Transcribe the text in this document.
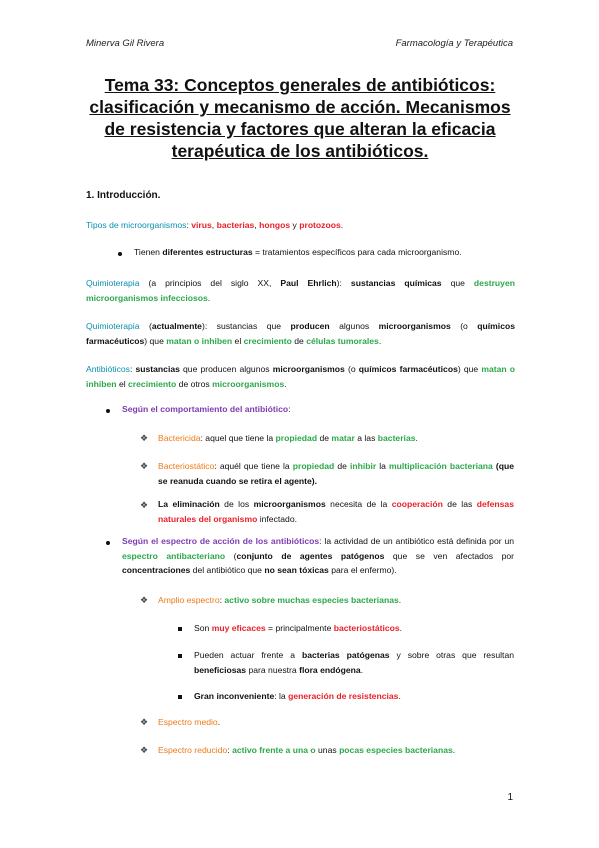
Minerva Gil Rivera	Farmacología y Terapéutica
Tema 33: Conceptos generales de antibióticos: clasificación y mecanismo de acción. Mecanismos de resistencia y factores que alteran la eficacia terapéutica de los antibióticos.
1. Introducción.
Tipos de microorganismos: virus, bacterias, hongos y protozoos.
Tienen diferentes estructuras = tratamientos específicos para cada microorganismo.
Quimioterapia (a principios del siglo XX, Paul Ehrlich): sustancias químicas que destruyen microorganismos infecciosos.
Quimioterapia (actualmente): sustancias que producen algunos microorganismos (o químicos farmacéuticos) que matan o inhiben el crecimiento de células tumorales.
Antibióticos: sustancias que producen algunos microorganismos (o químicos farmacéuticos) que matan o inhiben el crecimiento de otros microorganismos.
Según el comportamiento del antibiótico:
❖ Bactericida: aquel que tiene la propiedad de matar a las bacterias.
❖ Bacteriostático: aquél que tiene la propiedad de inhibir la multiplicación bacteriana (que se reanuda cuando se retira el agente).
❖ La eliminación de los microorganismos necesita de la cooperación de las defensas naturales del organismo infectado.
Según el espectro de acción de los antibióticos: la actividad de un antibiótico está definida por un espectro antibacteriano (conjunto de agentes patógenos que se ven afectados por concentraciones del antibiótico que no sean tóxicas para el enfermo).
❖ Amplio espectro: activo sobre muchas especies bacterianas.
Son muy eficaces = principalmente bacteriostáticos.
Pueden actuar frente a bacterias patógenas y sobre otras que resultan beneficiosas para nuestra flora endógena.
Gran inconveniente: la generación de resistencias.
❖ Espectro medio.
❖ Espectro reducido: activo frente a una o unas pocas especies bacterianas.
1
